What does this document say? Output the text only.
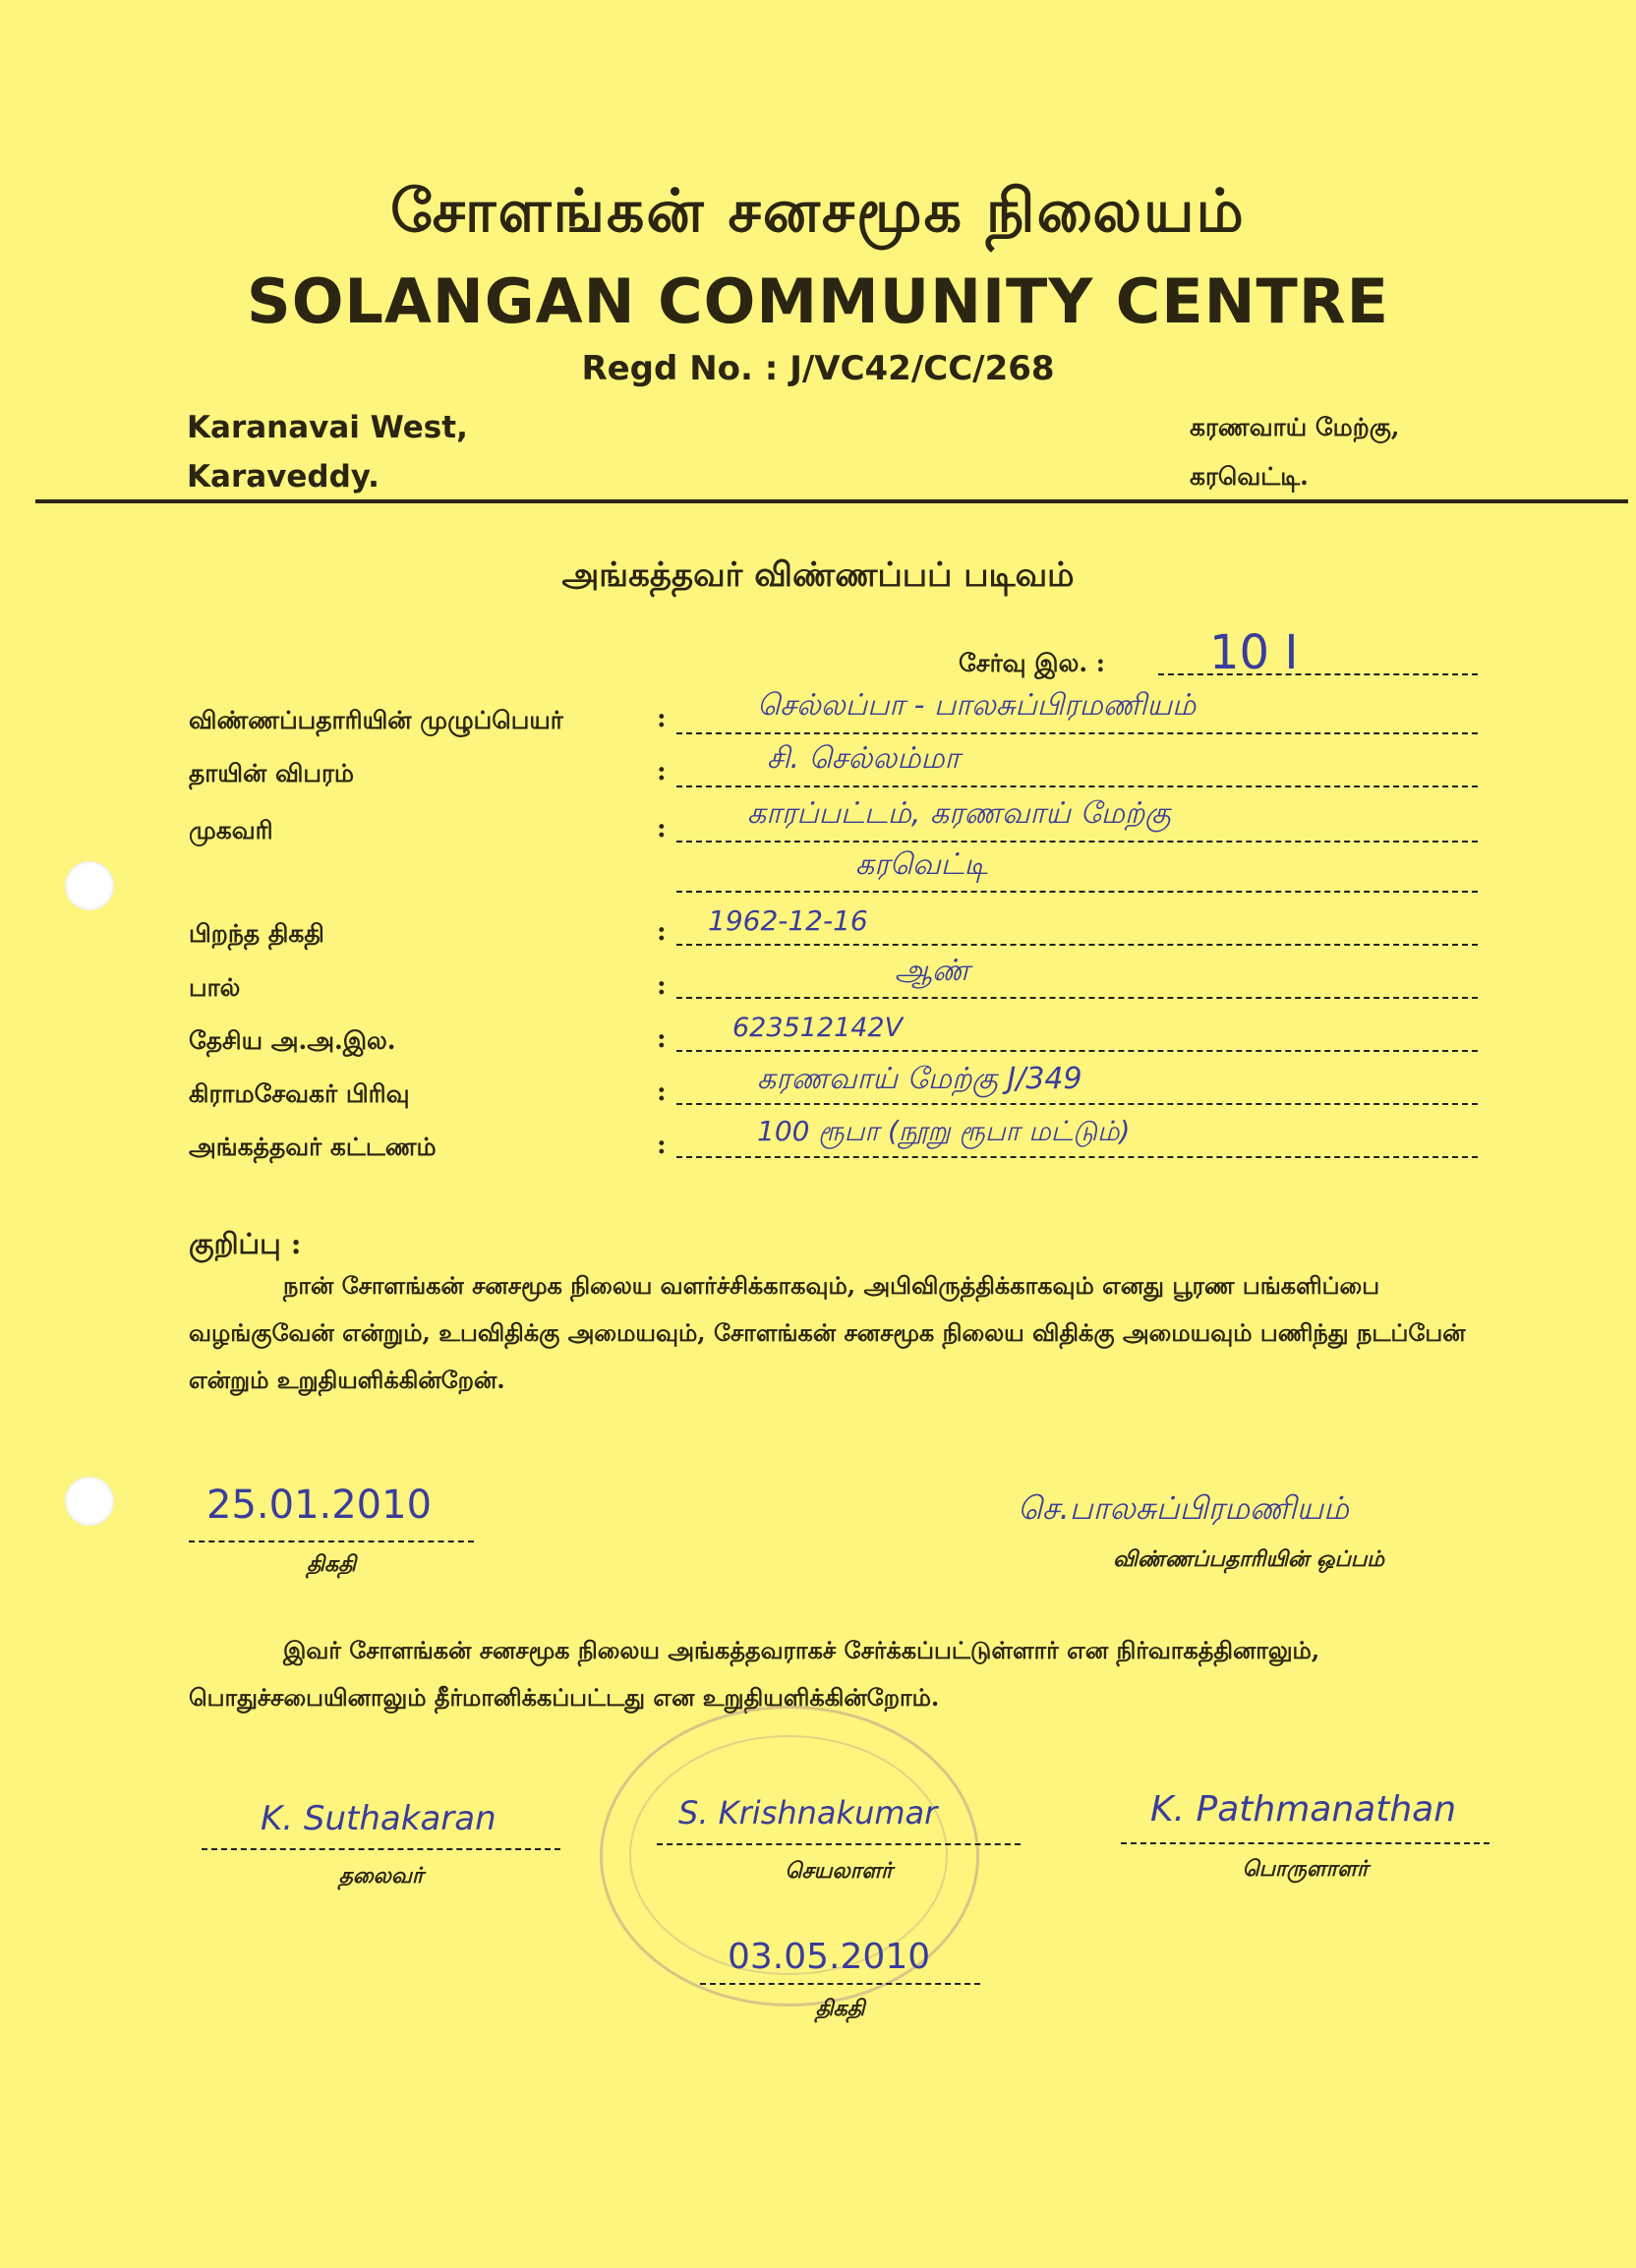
சோளங்கன் சனசமூக நிலையம்
SOLANGAN COMMUNITY CENTRE
Regd No. : J/VC42/CC/268
Karanavai West,
Karaveddy.
கரணவாய் மேற்கு,
கரவெட்டி.
அங்கத்தவர் விண்ணப்பப் படிவம்
சேர்வு இல. : 10 I
விண்ணப்பதாரியின் முழுப்பெயர்	:	செல்லப்பா - பாலசுப்பிரமணியம்
தாயின் விபரம்	:	சி. செல்லம்மா
முகவரி	:	காரப்பட்டம், கரணவாய் மேற்கு
கரவெட்டி
பிறந்த திகதி	: 1962-12-16
பால்	:	ஆண்
தேசிய அ.அ.இல.	: 623512142V
கிராமசேவகர் பிரிவு	:	கரணவாய் மேற்கு J/349
அங்கத்தவர் கட்டணம்	:	100 ரூபா (நூறு ரூபா மட்டும்)
குறிப்பு :
நான் சோளங்கன் சனசமூக நிலைய வளர்ச்சிக்காகவும், அபிவிருத்திக்காகவும் எனது பூரண பங்களிப்பை வழங்குவேன் என்றும், உபவிதிக்கு அமையவும், சோளங்கன் சனசமூக நிலைய விதிக்கு அமையவும் பணிந்து நடப்பேன் என்றும் உறுதியளிக்கின்றேன்.
25.01.2010
திகதி
செ.பாலசுப்பிரமணியம்
விண்ணப்பதாரியின் ஒப்பம்
இவர் சோளங்கன் சனசமூக நிலைய அங்கத்தவராகச் சேர்க்கப்பட்டுள்ளார் என நிர்வாகத்தினாலும், பொதுச்சபையினாலும் தீர்மானிக்கப்பட்டது என உறுதியளிக்கின்றோம்.
K. Suthakaran
தலைவர்
S. Krishnakumar
செயலாளர்
K. Pathmanathan
பொருளாளர்
03.05.2010
திகதி
